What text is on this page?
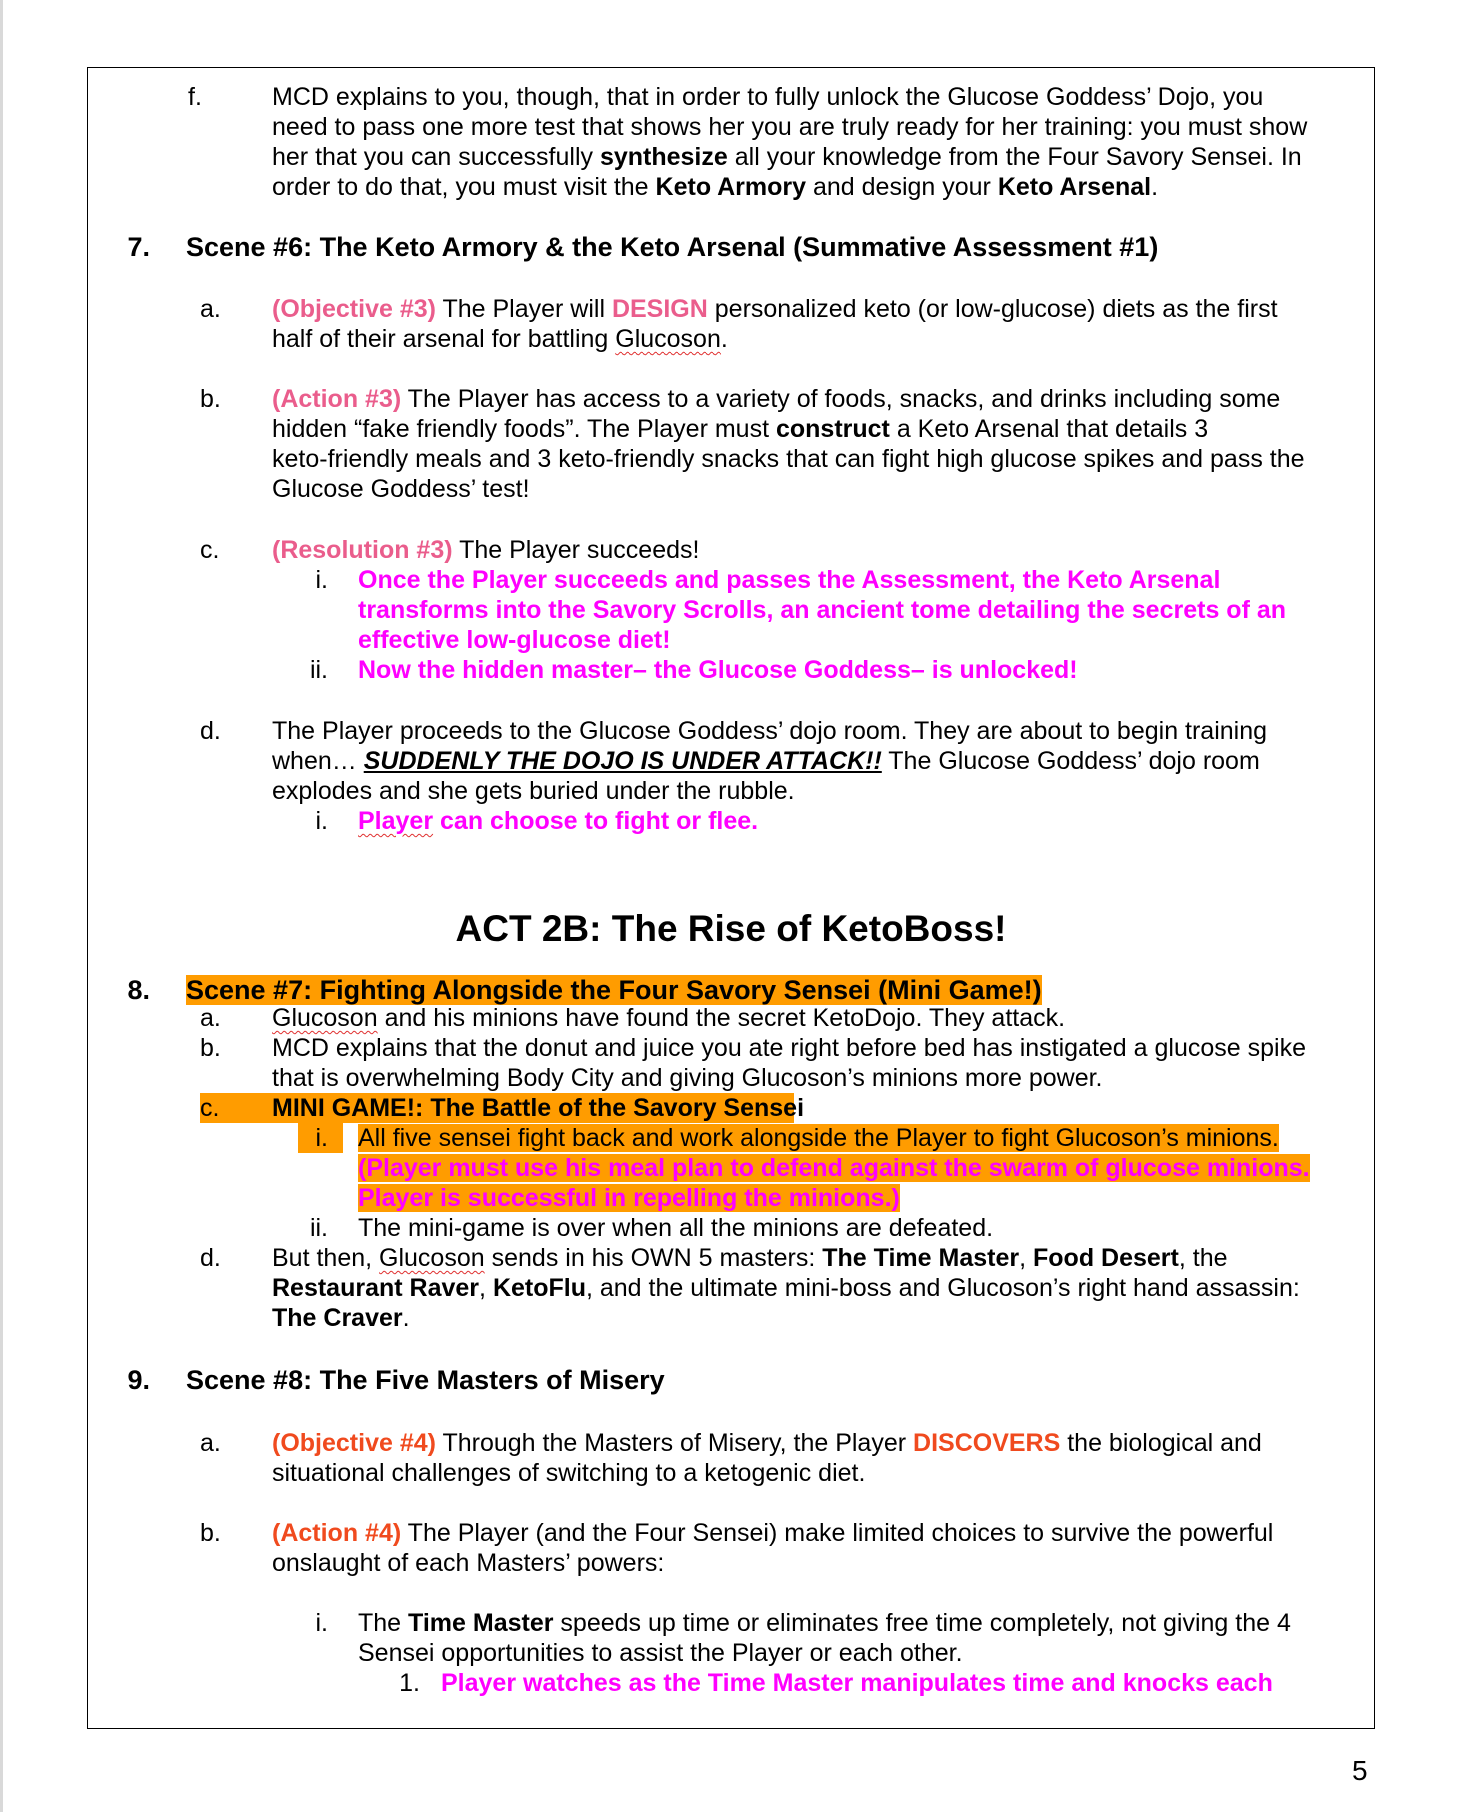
f.	MCD explains to you, though, that in order to fully unlock the Glucose Goddess’ Dojo, you

need to pass one more test that shows her you are truly ready for her training: you must show

her that you can successfully synthesize all your knowledge from the Four Savory Sensei. In

order to do that, you must visit the Keto Armory and design your Keto Arsenal.

7. Scene #6: The Keto Armory & the Keto Arsenal (Summative Assessment #1)

a.	(Objective #3) The Player will DESIGN personalized keto (or low-glucose) diets as the first

half of their arsenal for battling Glucoson.

b.	(Action #3) The Player has access to a variety of foods, snacks, and drinks including some

hidden “fake friendly foods”. The Player must construct a Keto Arsenal that details 3

keto-friendly meals and 3 keto-friendly snacks that can fight high glucose spikes and pass the

Glucose Goddess’ test!

c.	(Resolution #3) The Player succeeds!

i. Once the Player succeeds and passes the Assessment, the Keto Arsenal

transforms into the Savory Scrolls, an ancient tome detailing the secrets of an

effective low-glucose diet!

ii. Now the hidden master– the Glucose Goddess– is unlocked!

d.	The Player proceeds to the Glucose Goddess’ dojo room. They are about to begin training

when… SUDDENLY THE DOJO IS UNDER ATTACK!! The Glucose Goddess’ dojo room

explodes and she gets buried under the rubble.

i. Player can choose to fight or flee.

ACT 2B: The Rise of KetoBoss!
8. Scene #7: Fighting Alongside the Four Savory Sensei (Mini Game!)

a.	Glucoson and his minions have found the secret KetoDojo. They attack.

b.	MCD explains that the donut and juice you ate right before bed has instigated a glucose spike

that is overwhelming Body City and giving Glucoson’s minions more power.

c.	MINI GAME!: The Battle of the Savory Sensei

i. All five sensei fight back and work alongside the Player to fight Glucoson’s minions.

(Player must use his meal plan to defend against the swarm of glucose minions.

Player is successful in repelling the minions.)

ii. The mini-game is over when all the minions are defeated.

d.	But then, Glucoson sends in his OWN 5 masters: The Time Master, Food Desert, the

Restaurant Raver, KetoFlu, and the ultimate mini-boss and Glucoson’s right hand assassin:

The Craver.

9. Scene #8: The Five Masters of Misery

a.	(Objective #4) Through the Masters of Misery, the Player DISCOVERS the biological and

situational challenges of switching to a ketogenic diet.

b.	(Action #4) The Player (and the Four Sensei) make limited choices to survive the powerful

onslaught of each Masters’ powers:

i. The Time Master speeds up time or eliminates free time completely, not giving the 4

Sensei opportunities to assist the Player or each other.

1. Player watches as the Time Master manipulates time and knocks each

5
